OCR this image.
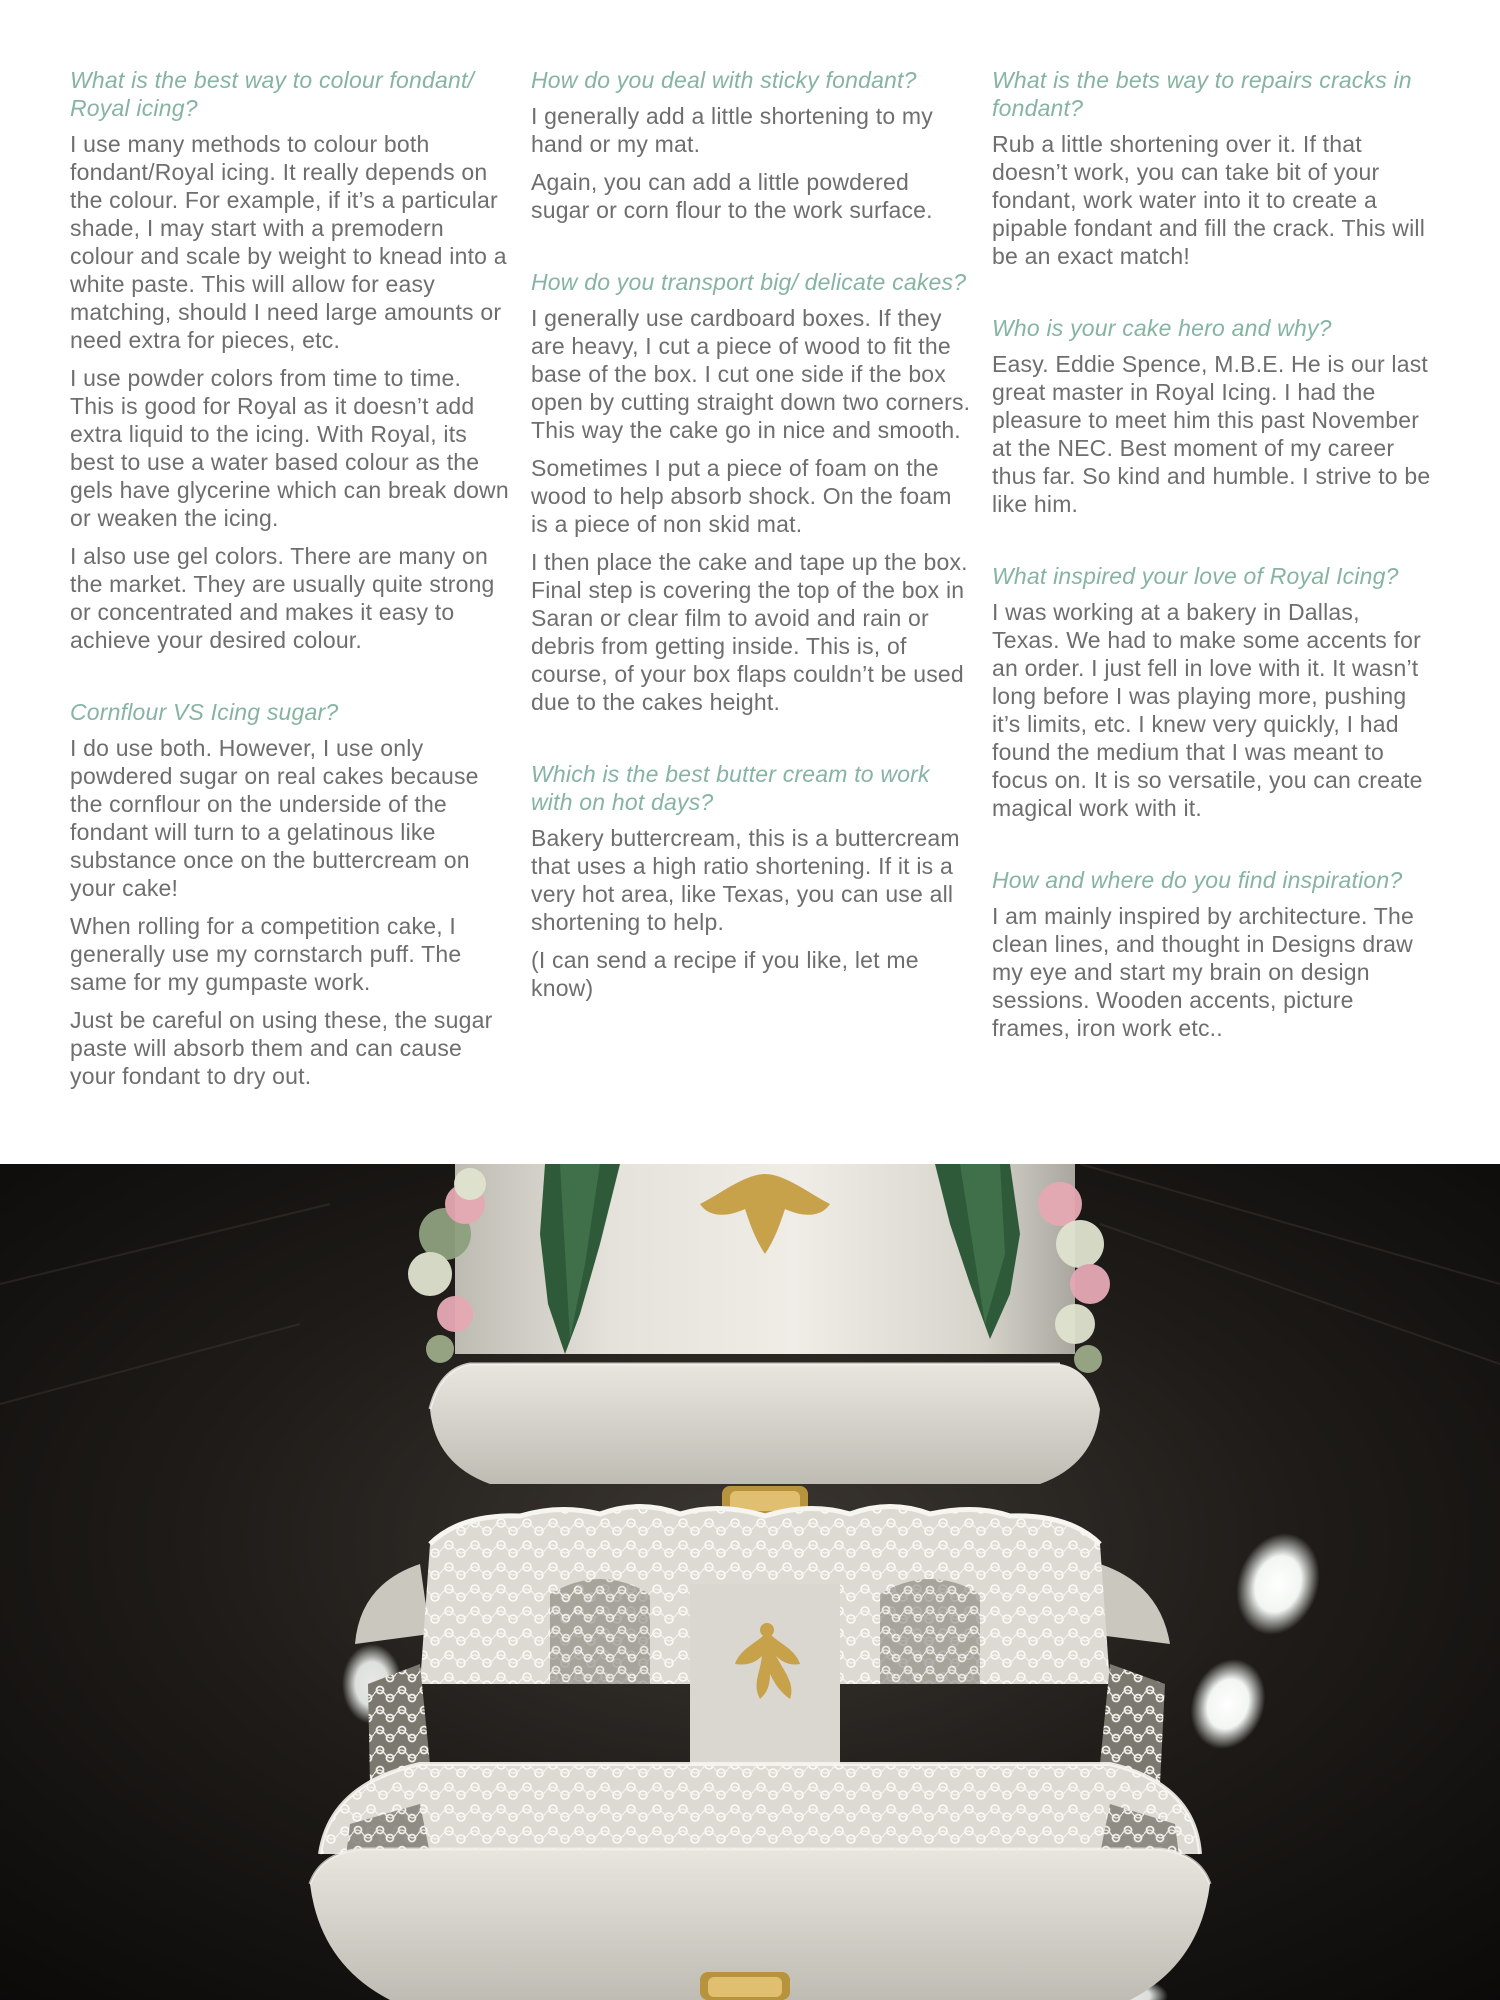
What is the best way to colour fondant/ Royal icing?

I use many methods to colour both fondant/Royal icing. It really depends on the colour. For example, if it’s a particular shade, I may start with a premodern colour and scale by weight to knead into a white paste. This will allow for easy matching, should I need large amounts or need extra for pieces, etc.

I use powder colors from time to time. This is good for Royal as it doesn’t add extra liquid to the icing. With Royal, its best to use a water based colour as the gels have glycerine which can break down or weaken the icing.

I also use gel colors. There are many on the market. They are usually quite strong or concentrated and makes it easy to achieve your desired colour.

Cornflour VS Icing sugar?

I do use both. However, I use only powdered sugar on real cakes because the cornflour on the underside of the fondant will turn to a gelatinous like substance once on the buttercream on your cake!

When rolling for a competition cake, I generally use my cornstarch puff. The same for my gumpaste work.

Just be careful on using these, the sugar paste will absorb them and can cause your fondant to dry out.

How do you deal with sticky fondant?

I generally add a little shortening to my hand or my mat.

Again, you can add a little powdered sugar or corn flour to the work surface.

How do you transport big/ delicate cakes?

I generally use cardboard boxes. If they are heavy, I cut a piece of wood to fit the base of the box. I cut one side if the box open by cutting straight down two corners. This way the cake go in nice and smooth.

Sometimes I put a piece of foam on the wood to help absorb shock. On the foam is a piece of non skid mat.

I then place the cake and tape up the box. Final step is covering the top of the box in Saran or clear film to avoid and rain or debris from getting inside. This is, of course, of your box flaps couldn’t be used due to the cakes height.

Which is the best butter cream to work with on hot days?

Bakery buttercream, this is a buttercream that uses a high ratio shortening. If it is a very hot area, like Texas, you can use all shortening to help.

(I can send a recipe if you like, let me know)

What is the bets way to repairs cracks in fondant?

Rub a little shortening over it. If that doesn’t work, you can take bit of your fondant, work water into it to create a pipable fondant and fill the crack. This will be an exact match!

Who is your cake hero and why?

Easy. Eddie Spence, M.B.E. He is our last great master in Royal Icing. I had the pleasure to meet him this past November at the NEC. Best moment of my career thus far. So kind and humble. I strive to be like him.

What inspired your love of Royal Icing?

I was working at a bakery in Dallas, Texas. We had to make some accents for an order. I just fell in love with it. It wasn’t long before I was playing more, pushing it’s limits, etc. I knew very quickly, I had found the medium that I was meant to focus on. It is so versatile, you can create magical work with it.

How and where do you find inspiration?

I am mainly inspired by architecture. The clean lines, and thought in Designs draw my eye and start my brain on design sessions. Wooden accents, picture frames, iron work etc..
